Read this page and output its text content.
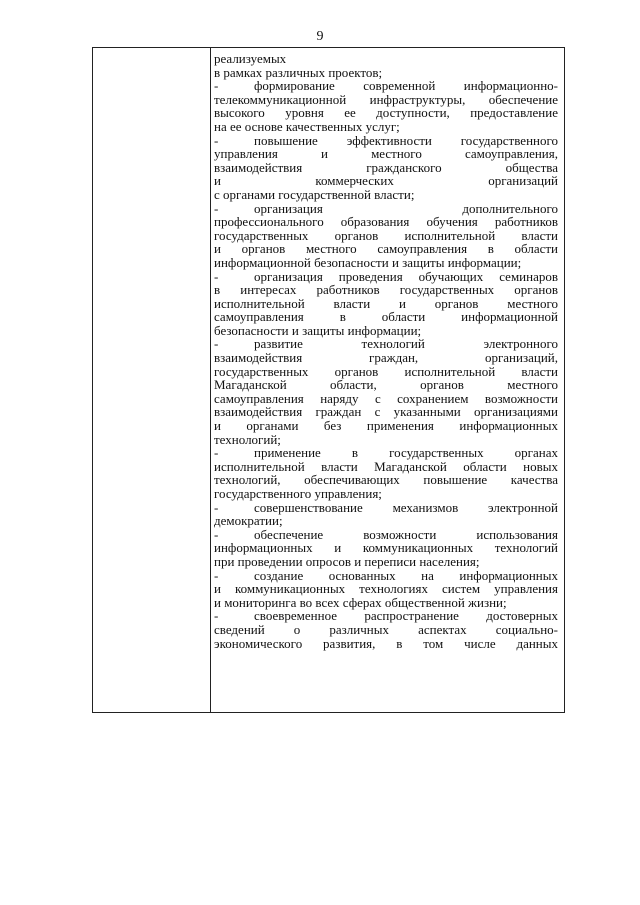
9
реализуемых
в рамках различных проектов;
-	формирование современной информационно-
телекоммуникационной инфраструктуры, обеспечение
высокого уровня ее доступности, предоставление
на ее основе качественных услуг;
-	повышение эффективности государственного
управления и местного самоуправления,
взаимодействия гражданского общества
и коммерческих организаций
с органами государственной власти;
-	организация дополнительного
профессионального образования обучения работников
государственных органов исполнительной власти
и органов местного самоуправления в области
информационной безопасности и защиты информации;
-	организация проведения обучающих семинаров
в интересах работников государственных органов
исполнительной власти и органов местного
самоуправления в области информационной
безопасности и защиты информации;
-	развитие технологий электронного
взаимодействия граждан, организаций,
государственных органов исполнительной власти
Магаданской области, органов местного
самоуправления наряду с сохранением возможности
взаимодействия граждан с указанными организациями
и органами без применения информационных
технологий;
-	применение в государственных органах
исполнительной власти Магаданской области новых
технологий, обеспечивающих повышение качества
государственного управления;
-	совершенствование механизмов электронной
демократии;
-	обеспечение возможности использования
информационных и коммуникационных технологий
при проведении опросов и переписи населения;
-	создание основанных на информационных
и коммуникационных технологиях систем управления
и мониторинга во всех сферах общественной жизни;
-	своевременное распространение достоверных
сведений о различных аспектах социально-
экономического развития, в том числе данных
